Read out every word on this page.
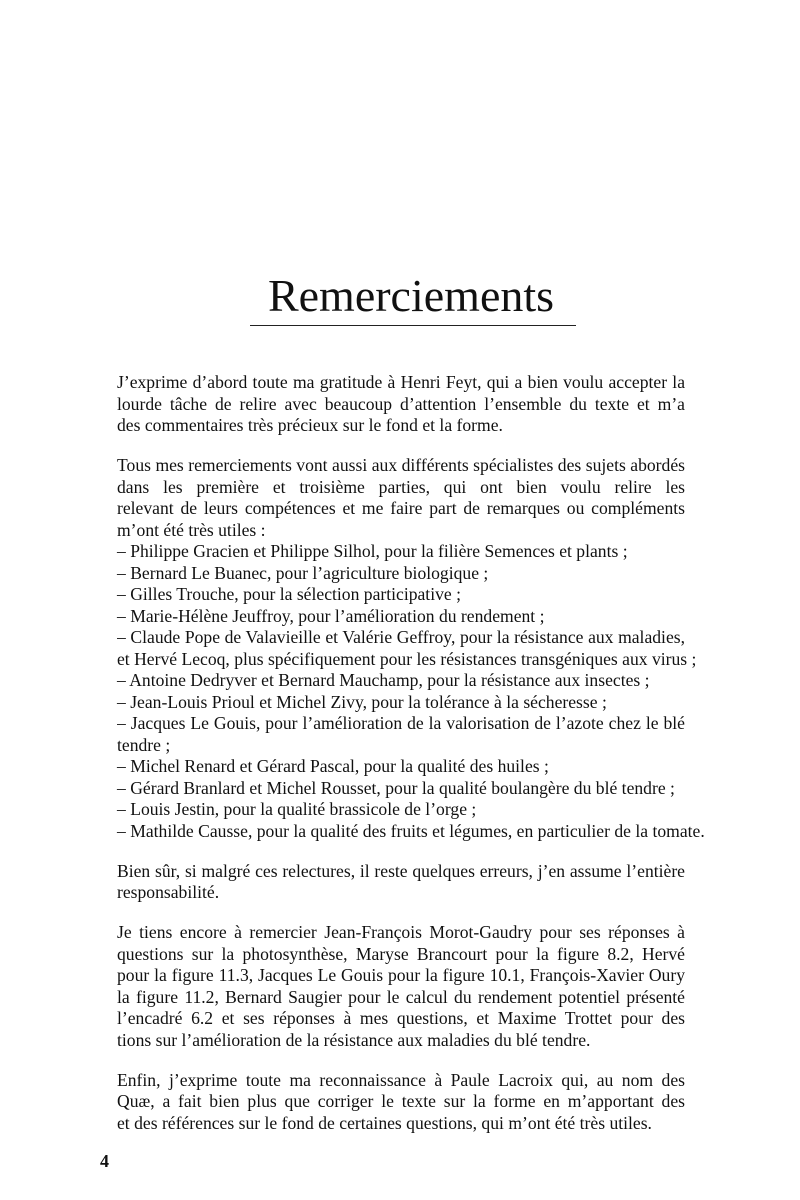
Remerciements
J’exprime d’abord toute ma gratitude à Henri Feyt, qui a bien voulu accepter la
lourde tâche de relire avec beaucoup d’attention l’ensemble du texte et m’a
des commentaires très précieux sur le fond et la forme.
Tous mes remerciements vont aussi aux différents spécialistes des sujets abordés
dans les première et troisième parties, qui ont bien voulu relire les
relevant de leurs compétences et me faire part de remarques ou compléments
m’ont été très utiles :
– Philippe Gracien et Philippe Silhol, pour la filière Semences et plants ;
– Bernard Le Buanec, pour l’agriculture biologique ;
– Gilles Trouche, pour la sélection participative ;
– Marie-Hélène Jeuffroy, pour l’amélioration du rendement ;
– Claude Pope de Valavieille et Valérie Geffroy, pour la résistance aux maladies,
et Hervé Lecoq, plus spécifiquement pour les résistances transgéniques aux virus ;
– Antoine Dedryver et Bernard Mauchamp, pour la résistance aux insectes ;
– Jean-Louis Prioul et Michel Zivy, pour la tolérance à la sécheresse ;
– Jacques Le Gouis, pour l’amélioration de la valorisation de l’azote chez le blé
tendre ;
– Michel Renard et Gérard Pascal, pour la qualité des huiles ;
– Gérard Branlard et Michel Rousset, pour la qualité boulangère du blé tendre ;
– Louis Jestin, pour la qualité brassicole de l’orge ;
– Mathilde Causse, pour la qualité des fruits et légumes, en particulier de la tomate.
Bien sûr, si malgré ces relectures, il reste quelques erreurs, j’en assume l’entière
responsabilité.
Je tiens encore à remercier Jean-François Morot-Gaudry pour ses réponses à
questions sur la photosynthèse, Maryse Brancourt pour la figure 8.2, Hervé
pour la figure 11.3, Jacques Le Gouis pour la figure 10.1, François-Xavier Oury
la figure 11.2, Bernard Saugier pour le calcul du rendement potentiel présenté
l’encadré 6.2 et ses réponses à mes questions, et Maxime Trottet pour des
tions sur l’amélioration de la résistance aux maladies du blé tendre.
Enfin, j’exprime toute ma reconnaissance à Paule Lacroix qui, au nom des
Quæ, a fait bien plus que corriger le texte sur la forme en m’apportant des
et des références sur le fond de certaines questions, qui m’ont été très utiles.
4
